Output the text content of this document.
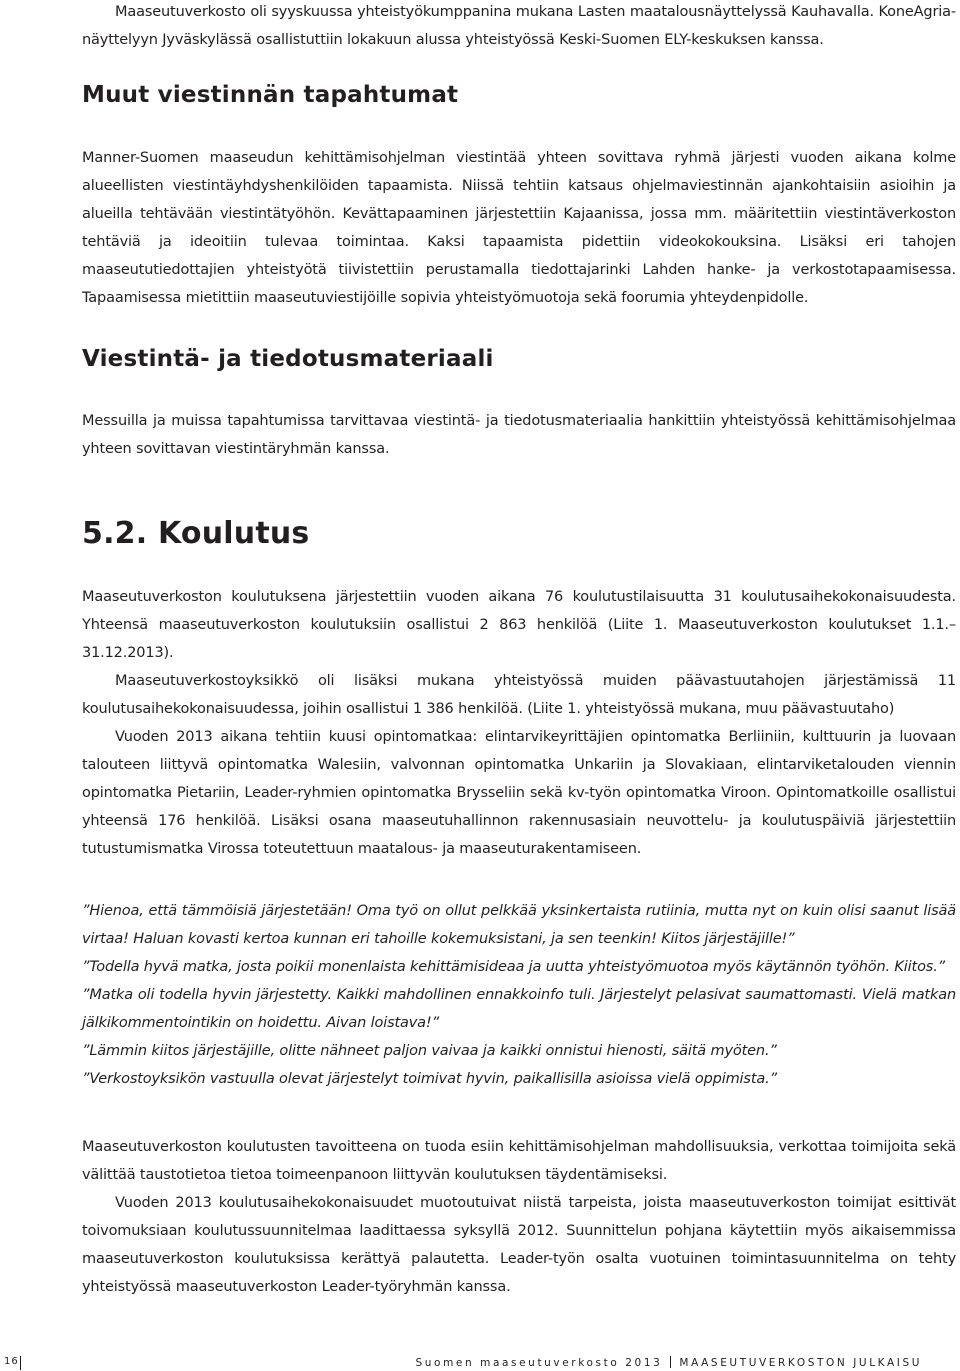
Maaseutuverkosto oli syyskuussa yhteistyökumppanina mukana Lasten maatalousnäyttelyssä Kauhavalla. KoneAgria-näyttelyyn Jyväskylässä osallistuttiin lokakuun alussa yhteistyössä Keski-Suomen ELY-keskuksen kanssa.

Muut viestinnän tapahtumat

Manner-Suomen maaseudun kehittämisohjelman viestintää yhteen sovittava ryhmä järjesti vuoden aikana kolme alueellisten viestintäyhdyshenkilöiden tapaamista. Niissä tehtiin katsaus ohjelmaviestinnän ajankohtaisiin asioihin ja alueilla tehtävään viestintätyöhön. Kevättapaaminen järjestettiin Kajaanissa, jossa mm. määritettiin viestintäverkoston tehtäviä ja ideoitiin tulevaa toimintaa. Kaksi tapaamista pidettiin videokokouksina. Lisäksi eri tahojen maaseututiedottajien yhteistyötä tiivistettiin perustamalla tiedottajarinki Lahden hanke- ja verkostotapaamisessa. Tapaamisessa mietittiin maaseutuviestijöille sopivia yhteistyömuotoja sekä foorumia yhteydenpidolle.

Viestintä- ja tiedotusmateriaali

Messuilla ja muissa tapahtumissa tarvittavaa viestintä- ja tiedotusmateriaalia hankittiin yhteistyössä kehittämisohjelmaa yhteen sovittavan viestintäryhmän kanssa.

5.2. Koulutus

Maaseutuverkoston koulutuksena järjestettiin vuoden aikana 76 koulutustilaisuutta 31 koulutusaihekokonaisuudesta. Yhteensä maaseutuverkoston koulutuksiin osallistui 2 863 henkilöä (Liite 1. Maaseutuverkoston koulutukset 1.1.–31.12.2013).

Maaseutuverkostoyksikkö oli lisäksi mukana yhteistyössä muiden päävastuutahojen järjestämissä 11 koulutusaihekokonaisuudessa, joihin osallistui 1 386 henkilöä. (Liite 1. yhteistyössä mukana, muu päävastuutaho)

Vuoden 2013 aikana tehtiin kuusi opintomatkaa: elintarvikeyrittäjien opintomatka Berliiniin, kulttuurin ja luovaan talouteen liittyvä opintomatka Walesiin, valvonnan opintomatka Unkariin ja Slovakiaan, elintarviketalouden viennin opintomatka Pietariin, Leader-ryhmien opintomatka Brysseliin sekä kv-työn opintomatka Viroon. Opintomatkoille osallistui yhteensä 176 henkilöä. Lisäksi osana maaseutuhallinnon rakennusasiain neuvottelu- ja koulutuspäiviä järjestettiin tutustumismatka Virossa toteutettuun maatalous- ja maaseuturakentamiseen.

”Hienoa, että tämmöisiä järjestetään! Oma työ on ollut pelkkää yksinkertaista rutiinia, mutta nyt on kuin olisi saanut lisää virtaa! Haluan kovasti kertoa kunnan eri tahoille kokemuksistani, ja sen teenkin! Kiitos järjestäjille!”

”Todella hyvä matka, josta poikii monenlaista kehittämisideaa ja uutta yhteistyömuotoa myös käytännön työhön. Kiitos.”

”Matka oli todella hyvin järjestetty. Kaikki mahdollinen ennakkoinfo tuli. Järjestelyt pelasivat saumattomasti. Vielä matkan jälkikommentointikin on hoidettu. Aivan loistava!”

”Lämmin kiitos järjestäjille, olitte nähneet paljon vaivaa ja kaikki onnistui hienosti, säitä myöten.”

”Verkostoyksikön vastuulla olevat järjestelyt toimivat hyvin, paikallisilla asioissa vielä oppimista.”

Maaseutuverkoston koulutusten tavoitteena on tuoda esiin kehittämisohjelman mahdollisuuksia, verkottaa toimijoita sekä välittää taustotietoa tietoa toimeenpanoon liittyvän koulutuksen täydentämiseksi.

Vuoden 2013 koulutusaihekokonaisuudet muotoutuivat niistä tarpeista, joista maaseutuverkoston toimijat esittivät toivomuksiaan koulutussuunnitelmaa laadittaessa syksyllä 2012. Suunnittelun pohjana käytettiin myös aikaisemmissa maaseutuverkoston koulutuksissa kerättyä palautetta. Leader-työn osalta vuotuinen toimintasuunnitelma on tehty yhteistyössä maaseutuverkoston Leader-työryhmän kanssa.

16	Suomen maaseutuverkosto 2013 MAASEUTUVERKOSTON JULKAISU
